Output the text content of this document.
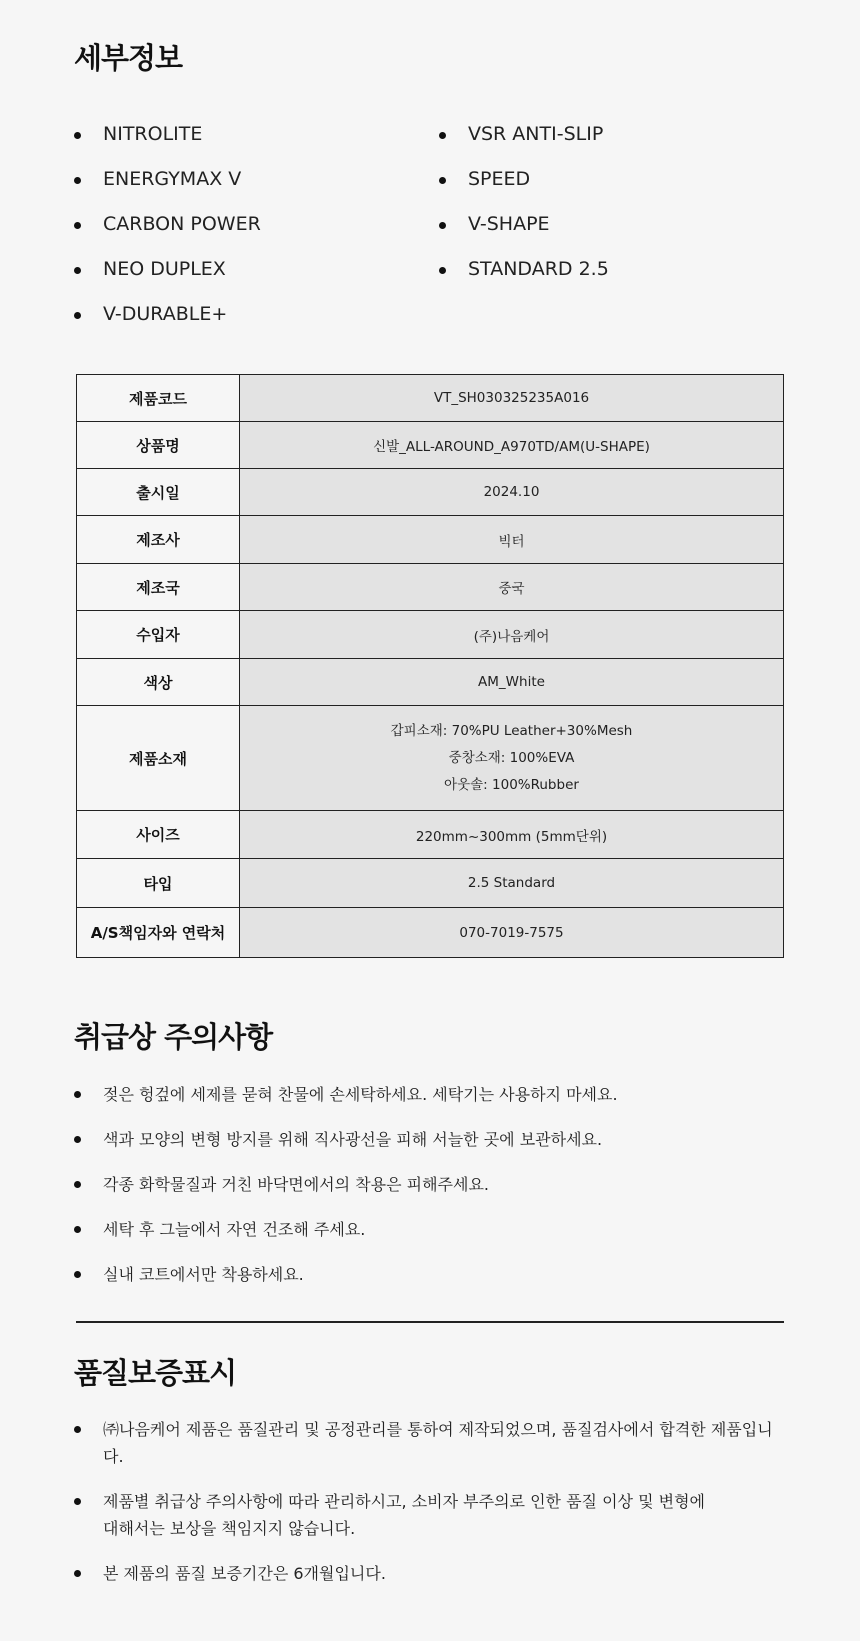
세부정보
NITROLITE
ENERGYMAX V
CARBON POWER
NEO DUPLEX
V-DURABLE+
VSR ANTI-SLIP
SPEED
V-SHAPE
STANDARD 2.5
제품코드	VT_SH030325235A016
상품명	신발_ALL-AROUND_A970TD/AM(U-SHAPE)
출시일	2024.10
제조사	빅터
제조국	중국
수입자	(주)나음케어
색상	AM_White
제품소재	갑피소재: 70%PU Leather+30%Mesh
중창소재: 100%EVA
아웃솔: 100%Rubber

사이즈	220mm~300mm (5mm단위)
타입	2.5 Standard
A/S책임자와 연락처	070-7019-7575
취급상 주의사항
젖은 헝겊에 세제를 묻혀 찬물에 손세탁하세요. 세탁기는 사용하지 마세요.
색과 모양의 변형 방지를 위해 직사광선을 피해 서늘한 곳에 보관하세요.
각종 화학물질과 거친 바닥면에서의 착용은 피해주세요.
세탁 후 그늘에서 자연 건조해 주세요.
실내 코트에서만 착용하세요.
품질보증표시
㈜나음케어 제품은 품질관리 및 공정관리를 통하여 제작되었으며, 품질검사에서 합격한 제품입니다.
제품별 취급상 주의사항에 따라 관리하시고, 소비자 부주의로 인한 품질 이상 및 변형에 대해서는 보상을 책임지지 않습니다.
본 제품의 품질 보증기간은 6개월입니다.
